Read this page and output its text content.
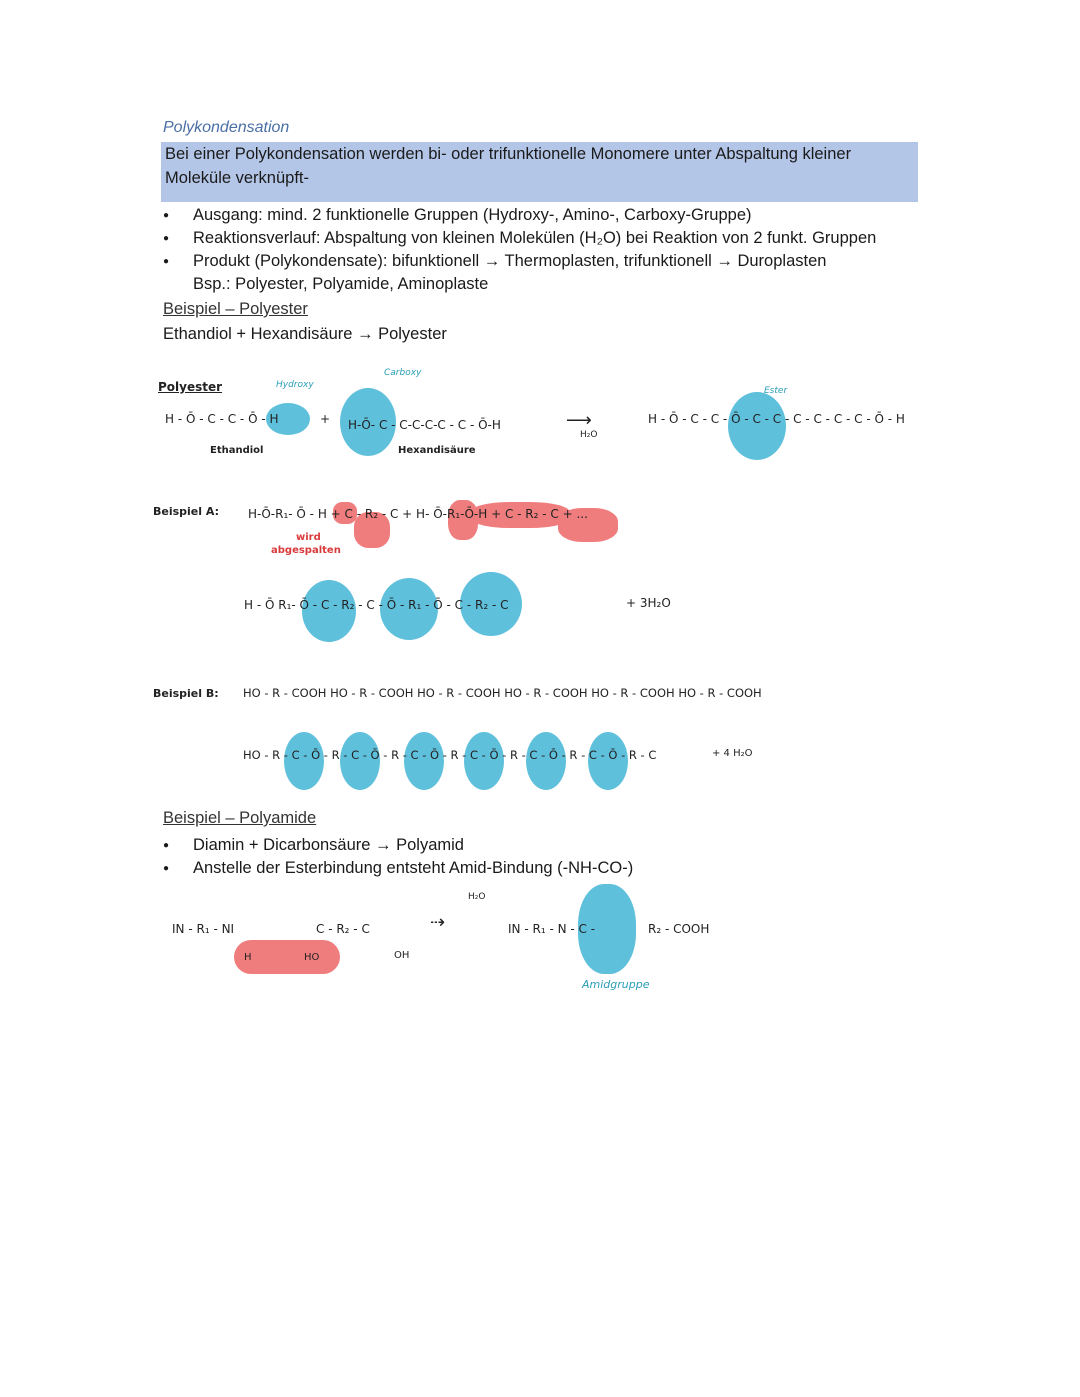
Polykondensation
Bei einer Polykondensation werden bi- oder trifunktionelle Monomere unter Abspaltung kleiner
Moleküle verknüpft-
● Ausgang: mind. 2 funktionelle Gruppen (Hydroxy-, Amino-, Carboxy-Gruppe)
● Reaktionsverlauf: Abspaltung von kleinen Molekülen (H₂O) bei Reaktion von 2 funkt. Gruppen
● Produkt (Polykondensate): bifunktionell → Thermoplasten, trifunktionell → Duroplasten
Bsp.: Polyester, Polyamide, Aminoplaste
Beispiel – Polyester
Ethandiol + Hexandisäure → Polyester
Polyester	Hydroxy
H - Ō - C - C - Ō - H
Ethandiol
+
Carboxy
H-Ō- C - C-C-C-C - C - Ō-H
Hexandisäure
⟶
H₂O
Ester
H - Ō - C - C - Ō - C - C - C - C - C - C - Ō - H
Beispiel A: H-Ō-R₁- Ō - H + C - R₂ - C + H- Ō-R₁-Ō-H + C - R₂ - C + ...
wird
abgespalten
H - Ō R₁- Ō - C - R₂ - C - Ō - R₁ - Ō - C - R₂ - C	+ 3H₂O
Beispiel B: HO - R - COOH HO - R - COOH HO - R - COOH HO - R - COOH HO - R - COOH HO - R - COOH
HO - R - C - Ō - R - C - Ō - R - C - Ō - R - C - Ō - R - C - Ō - R - C - Ō - R - C	+ 4 H₂O
Beispiel – Polyamide
● Diamin + Dicarbonsäure → Polyamid
● Anstelle der Esterbindung entsteht Amid-Bindung (-NH-CO-)
IN - R₁ - NI
H
C - R₂ - C
HO	OH
⇢
H₂O
IN - R₁ - N - C -	R₂ - COOH
Amidgruppe
